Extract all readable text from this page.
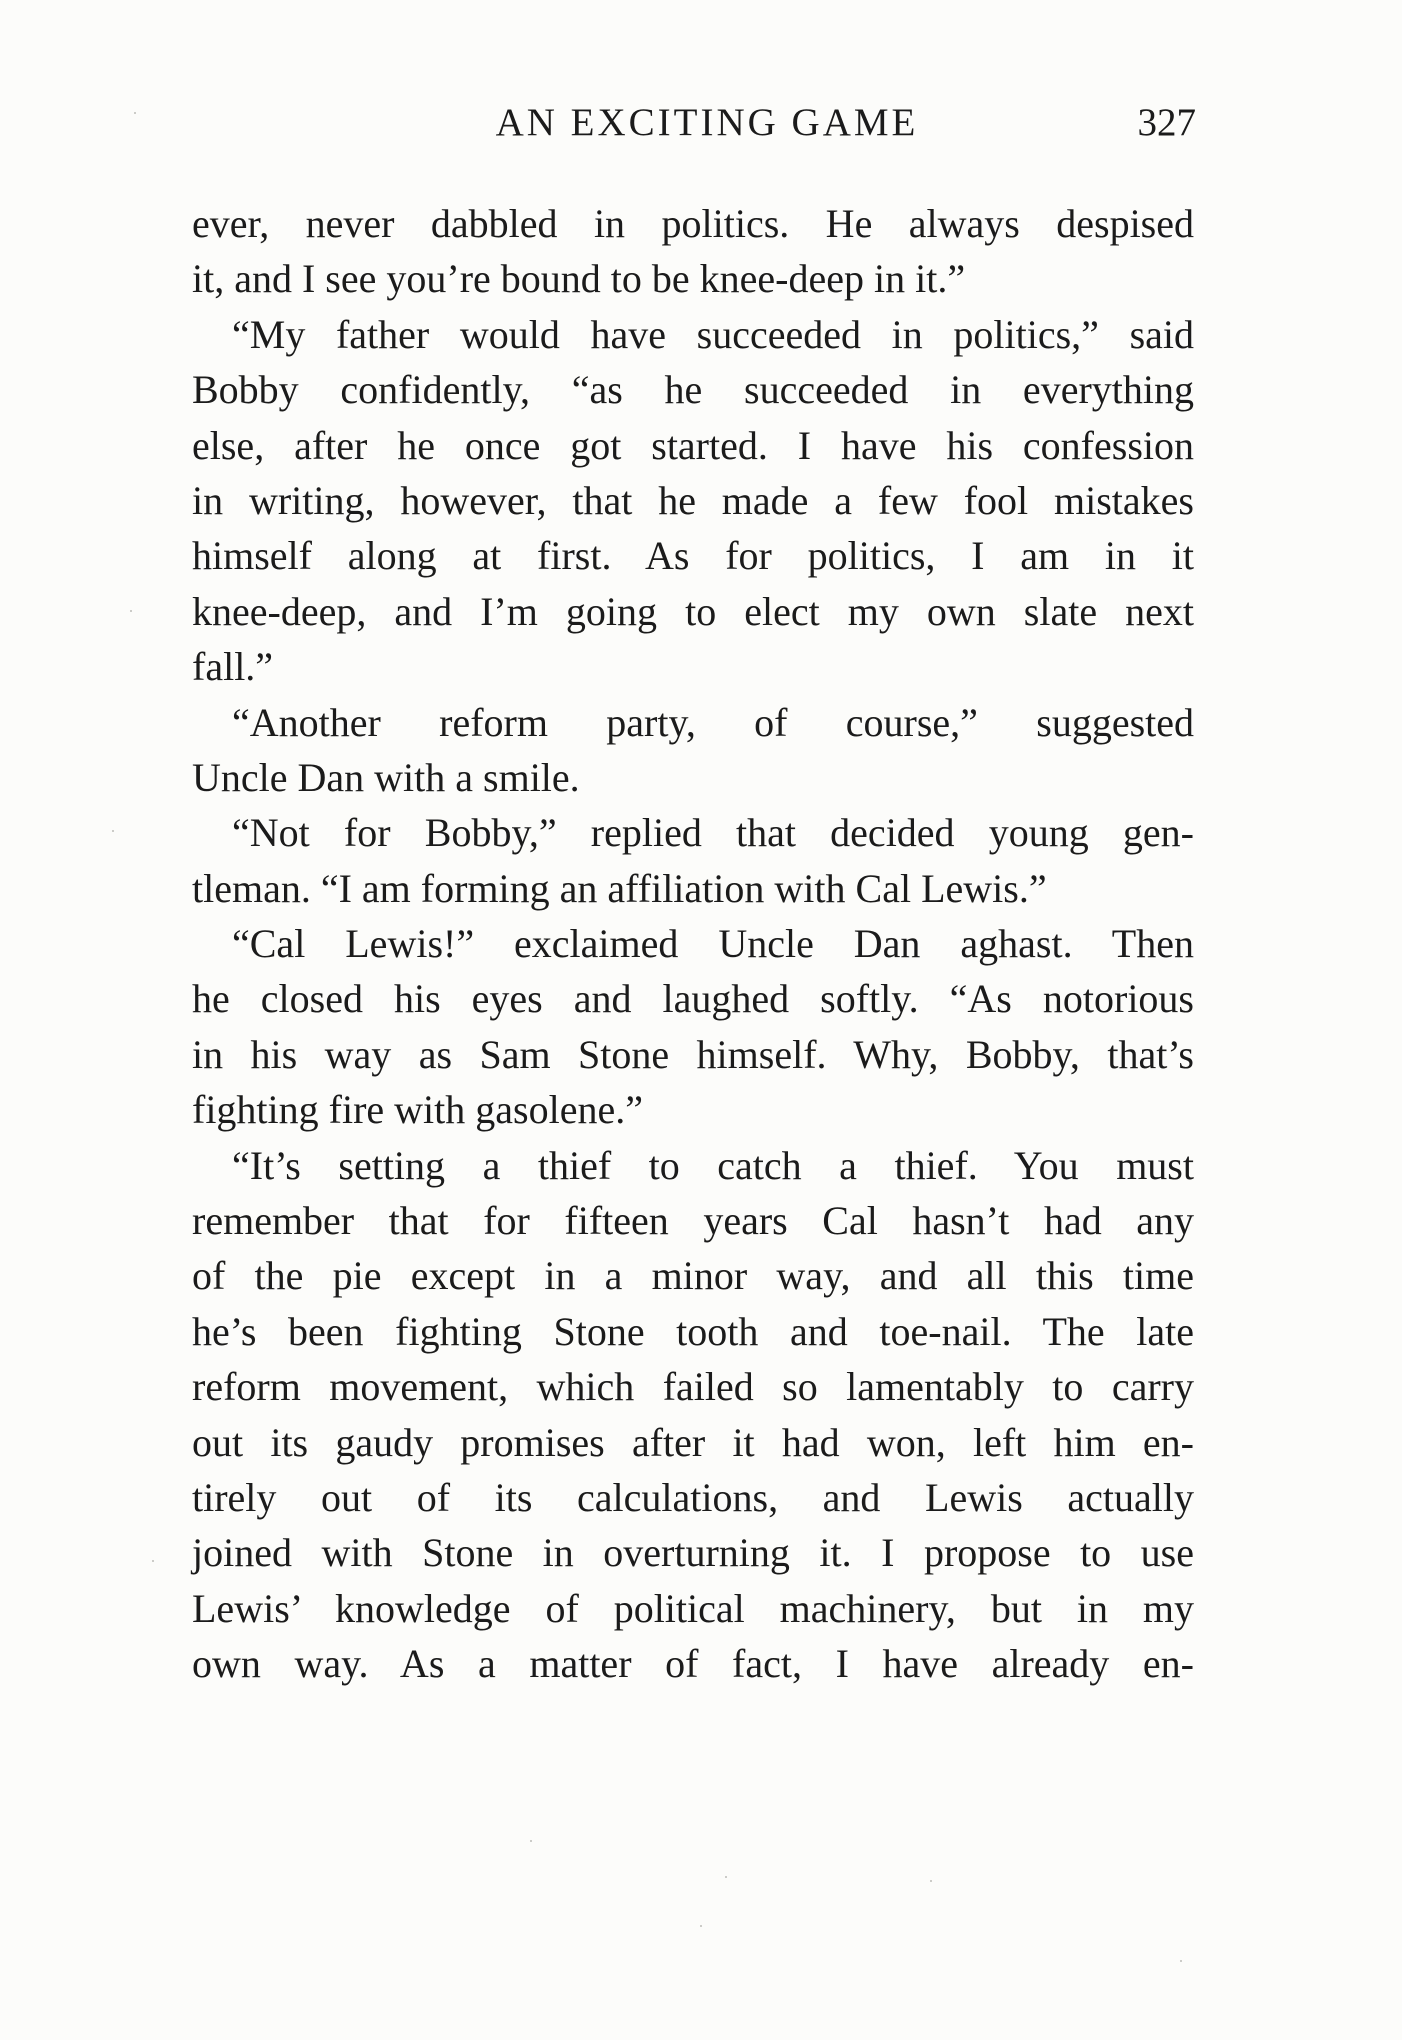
AN EXCITING GAME	327
ever, never dabbled in politics. He always despised
it, and I see you’re bound to be knee-deep in it.”
“My father would have succeeded in politics,” said
Bobby confidently, “as he succeeded in everything
else, after he once got started. I have his confession
in writing, however, that he made a few fool mistakes
himself along at first. As for politics, I am in it
knee-deep, and I’m going to elect my own slate next
fall.”
“Another reform party, of course,” suggested
Uncle Dan with a smile.
“Not for Bobby,” replied that decided young gen-
tleman. “I am forming an affiliation with Cal Lewis.”
“Cal Lewis!” exclaimed Uncle Dan aghast. Then
he closed his eyes and laughed softly. “As notorious
in his way as Sam Stone himself. Why, Bobby, that’s
fighting fire with gasolene.”
“It’s setting a thief to catch a thief. You must
remember that for fifteen years Cal hasn’t had any
of the pie except in a minor way, and all this time
he’s been fighting Stone tooth and toe-nail. The late
reform movement, which failed so lamentably to carry
out its gaudy promises after it had won, left him en-
tirely out of its calculations, and Lewis actually
joined with Stone in overturning it. I propose to use
Lewis’ knowledge of political machinery, but in my
own way. As a matter of fact, I have already en-
